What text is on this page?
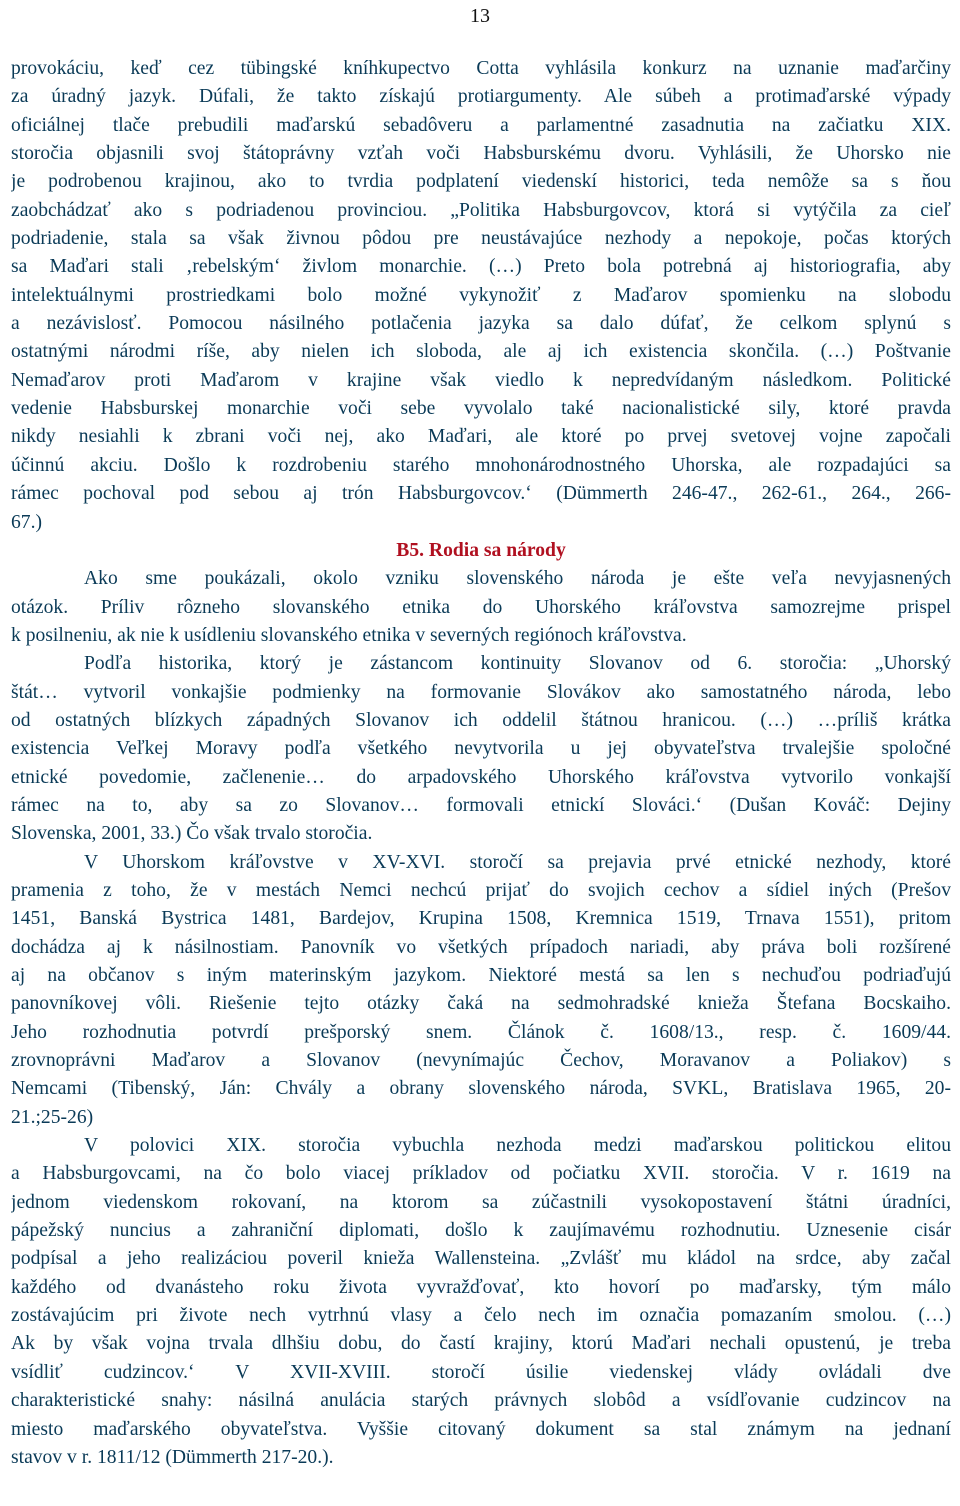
13
provokáciu, keď cez tübingské kníhkupectvo Cotta vyhlásila konkurz na uznanie maďarčiny
za úradný jazyk. Dúfali, že takto získajú protiargumenty. Ale súbeh a protimaďarské výpady
oficiálnej tlače prebudili maďarskú sebadôveru a parlamentné zasadnutia na začiatku XIX.
storočia objasnili svoj štátoprávny vzťah voči Habsburskému dvoru. Vyhlásili, že Uhorsko nie
je podrobenou krajinou, ako to tvrdia podplatení viedenskí historici, teda nemôže sa s ňou
zaobchádzať ako s podriadenou provinciou. „Politika Habsburgovcov, ktorá si vytýčila za cieľ
podriadenie, stala sa však živnou pôdou pre neustávajúce nezhody a nepokoje, počas ktorých
sa Maďari stali ‚rebelským‘ živlom monarchie. (…) Preto bola potrebná aj historiografia, aby
intelektuálnymi prostriedkami bolo možné vykynožiť z Maďarov spomienku na slobodu
a nezávislosť. Pomocou násilného potlačenia jazyka sa dalo dúfať, že celkom splynú s
ostatnými národmi ríše, aby nielen ich sloboda, ale aj ich existencia skončila. (…) Poštvanie
Nemaďarov proti Maďarom v krajine však viedlo k nepredvídaným následkom. Politické
vedenie Habsburskej monarchie voči sebe vyvolalo také nacionalistické sily, ktoré pravda
nikdy nesiahli k zbrani voči nej, ako Maďari, ale ktoré po prvej svetovej vojne započali
účinnú akciu. Došlo k rozdrobeniu starého mnohonárodnostného Uhorska, ale rozpadajúci sa
rámec pochoval pod sebou aj trón Habsburgovcov.‘ (Dümmerth 246-47., 262-61., 264., 266-
67.)
B5. Rodia sa národy
Ako sme poukázali, okolo vzniku slovenského národa je ešte veľa nevyjasnených
otázok. Príliv rôzneho slovanského etnika do Uhorského kráľovstva samozrejme prispel
k posilneniu, ak nie k usídleniu slovanského etnika v severných regiónoch kráľovstva.
Podľa historika, ktorý je zástancom kontinuity Slovanov od 6. storočia: „Uhorský
štát… vytvoril vonkajšie podmienky na formovanie Slovákov ako samostatného národa, lebo
od ostatných blízkych západných Slovanov ich oddelil štátnou hranicou. (…) …príliš krátka
existencia Veľkej Moravy podľa všetkého nevytvorila u jej obyvateľstva trvalejšie spoločné
etnické povedomie, začlenenie… do arpadovského Uhorského kráľovstva vytvorilo vonkajší
rámec na to, aby sa zo Slovanov… formovali etnickí Slováci.‘ (Dušan Kováč: Dejiny
Slovenska, 2001, 33.) Čo však trvalo storočia.
V Uhorskom kráľovstve v XV-XVI. storočí sa prejavia prvé etnické nezhody, ktoré
pramenia z toho, že v mestách Nemci nechcú prijať do svojich cechov a sídiel iných (Prešov
1451, Banská Bystrica 1481, Bardejov, Krupina 1508, Kremnica 1519, Trnava 1551), pritom
dochádza aj k násilnostiam. Panovník vo všetkých prípadoch nariadi, aby práva boli rozšírené
aj na občanov s iným materinským jazykom. Niektoré mestá sa len s nechuďou podriaďujú
panovníkovej vôli. Riešenie tejto otázky čaká na sedmohradské knieža Štefana Bocskaiho.
Jeho rozhodnutia potvrdí prešporský snem. Článok č. 1608/13., resp. č. 1609/44.
zrovnoprávni Maďarov a Slovanov (nevynímajúc Čechov, Moravanov a Poliakov) s
Nemcami (Tibenský, Ján: Chvály a obrany slovenského národa, SVKL, Bratislava 1965, 20-
21.;25-26)
V polovici XIX. storočia vybuchla nezhoda medzi maďarskou politickou elitou
a Habsburgovcami, na čo bolo viacej príkladov od počiatku XVII. storočia. V r. 1619 na
jednom viedenskom rokovaní, na ktorom sa zúčastnili vysokopostavení štátni úradníci,
pápežský nuncius a zahraniční diplomati, došlo k zaujímavému rozhodnutiu. Uznesenie cisár
podpísal a jeho realizáciou poveril knieža Wallensteina. „Zvlášť mu kládol na srdce, aby začal
každého od dvanásteho roku života vyvražďovať, kto hovorí po maďarsky, tým málo
zostávajúcim pri živote nech vytrhnú vlasy a čelo nech im označia pomazaním smolou. (…)
Ak by však vojna trvala dlhšiu dobu, do častí krajiny, ktorú Maďari nechali opustenú, je treba
vsídliť cudzincov.‘ V XVII-XVIII. storočí úsilie viedenskej vlády ovládali dve
charakteristické snahy: násilná anulácia starých právnych slobôd a vsídľovanie cudzincov na
miesto maďarského obyvateľstva. Vyššie citovaný dokument sa stal známym na jednaní
stavov v r. 1811/12 (Dümmerth 217-20.).
